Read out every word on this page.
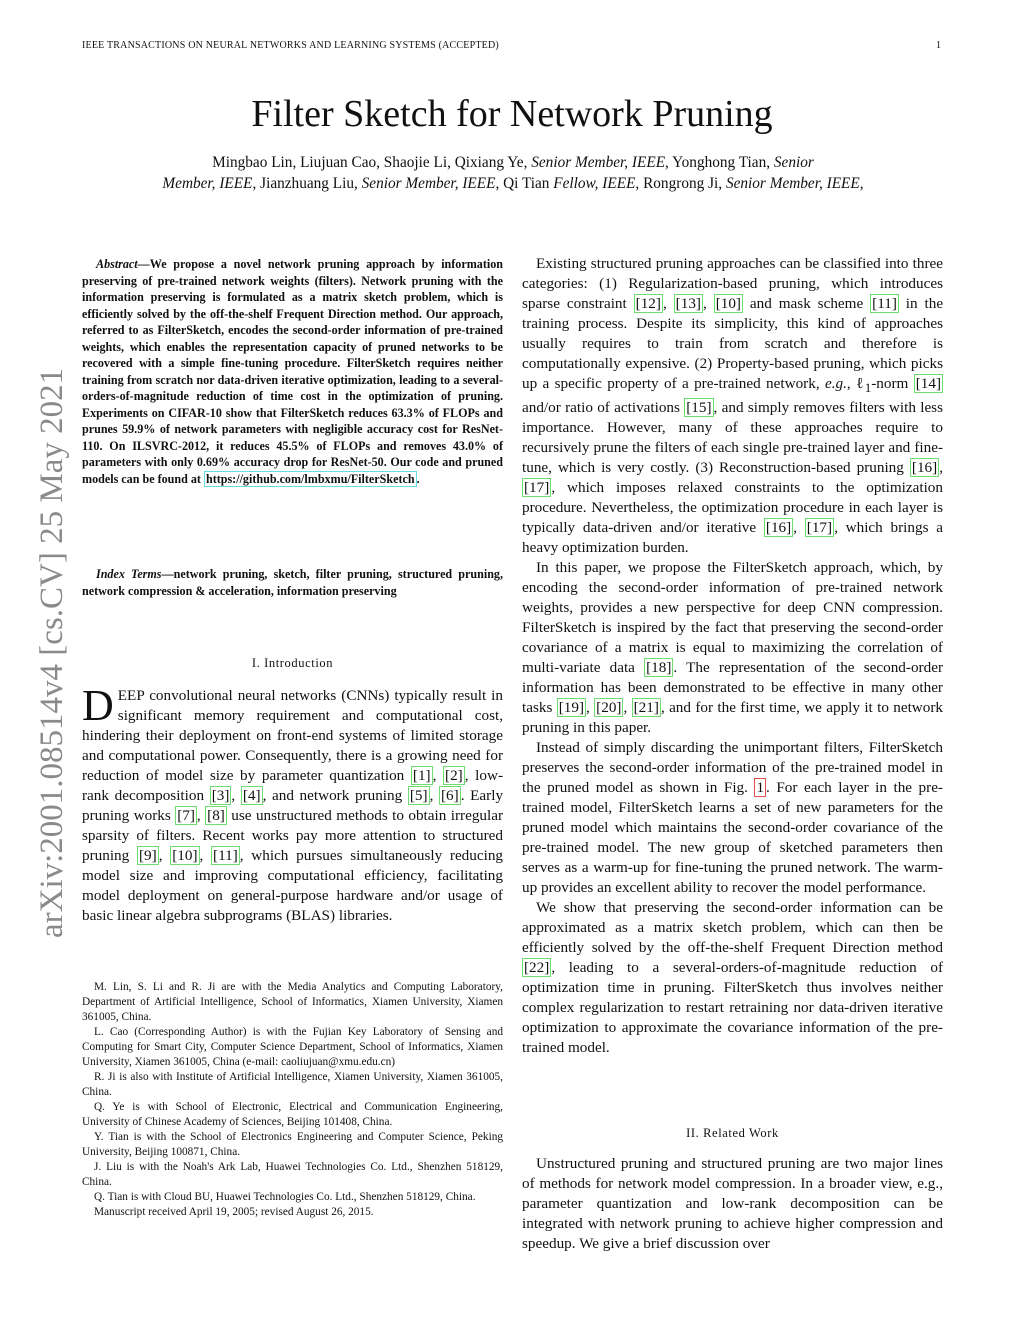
IEEE TRANSACTIONS ON NEURAL NETWORKS AND LEARNING SYSTEMS (ACCEPTED)	1
Filter Sketch for Network Pruning
Mingbao Lin, Liujuan Cao, Shaojie Li, Qixiang Ye, Senior Member, IEEE, Yonghong Tian, Senior
Member, IEEE, Jianzhuang Liu, Senior Member, IEEE, Qi Tian Fellow, IEEE, Rongrong Ji, Senior Member, IEEE,
arXiv:2001.08514v4 [cs.CV] 25 May 2021
Abstract—We propose a novel network pruning approach by information preserving of pre-trained network weights (filters). Network pruning with the information preserving is formulated as a matrix sketch problem, which is efficiently solved by the off-the-shelf Frequent Direction method. Our approach, referred to as FilterSketch, encodes the second-order information of pre-trained weights, which enables the representation capacity of pruned networks to be recovered with a simple fine-tuning procedure. FilterSketch requires neither training from scratch nor data-driven iterative optimization, leading to a several-orders-of-magnitude reduction of time cost in the optimization of pruning. Experiments on CIFAR-10 show that FilterSketch reduces 63.3% of FLOPs and prunes 59.9% of network parameters with negligible accuracy cost for ResNet-110. On ILSVRC-2012, it reduces 45.5% of FLOPs and removes 43.0% of parameters with only 0.69% accuracy drop for ResNet-50. Our code and pruned models can be found at https://github.com/lmbxmu/FilterSketch .
Index Terms—network pruning, sketch, filter pruning, structured pruning, network compression & acceleration, information preserving
I. Introduction
DEEP convolutional neural networks (CNNs) typically result in significant memory requirement and computational cost, hindering their deployment on front-end systems of limited storage and computational power. Consequently, there is a growing need for reduction of model size by parameter quantization [1] , [2] , low-rank decomposition [3] , [4] , and network pruning [5] , [6] . Early pruning works [7] , [8] use unstructured methods to obtain irregular sparsity of filters. Recent works pay more attention to structured pruning [9] , [10] , [11] , which pursues simultaneously reducing model size and improving computational efficiency, facilitating model deployment on general-purpose hardware and/or usage of basic linear algebra subprograms (BLAS) libraries.

M. Lin, S. Li and R. Ji are with the Media Analytics and Computing Laboratory, Department of Artificial Intelligence, School of Informatics, Xiamen University, Xiamen 361005, China.

L. Cao (Corresponding Author) is with the Fujian Key Laboratory of Sensing and Computing for Smart City, Computer Science Department, School of Informatics, Xiamen University, Xiamen 361005, China (e-mail: caoliujuan@xmu.edu.cn)

R. Ji is also with Institute of Artificial Intelligence, Xiamen University, Xiamen 361005, China.

Q. Ye is with School of Electronic, Electrical and Communication Engineering, University of Chinese Academy of Sciences, Beijing 101408, China.

Y. Tian is with the School of Electronics Engineering and Computer Science, Peking University, Beijing 100871, China.

J. Liu is with the Noah's Ark Lab, Huawei Technologies Co. Ltd., Shenzhen 518129, China.

Q. Tian is with Cloud BU, Huawei Technologies Co. Ltd., Shenzhen 518129, China.

Manuscript received April 19, 2005; revised August 26, 2015.

Existing structured pruning approaches can be classified into three categories: (1) Regularization-based pruning, which introduces sparse constraint [12] , [13] , [10] and mask scheme [11] in the training process. Despite its simplicity, this kind of approaches usually requires to train from scratch and therefore is computationally expensive. (2) Property-based pruning, which picks up a specific property of a pre-trained network, e.g., ℓ$_1$-norm [14] and/or ratio of activations [15] , and simply removes filters with less importance. However, many of these approaches require to recursively prune the filters of each single pre-trained layer and fine-tune, which is very costly. (3) Reconstruction-based pruning [16] , [17] , which imposes relaxed constraints to the optimization procedure. Nevertheless, the optimization procedure in each layer is typically data-driven and/or iterative [16] , [17] , which brings a heavy optimization burden.

In this paper, we propose the FilterSketch approach, which, by encoding the second-order information of pre-trained network weights, provides a new perspective for deep CNN compression. FilterSketch is inspired by the fact that preserving the second-order covariance of a matrix is equal to maximizing the correlation of multi-variate data [18] . The representation of the second-order information has been demonstrated to be effective in many other tasks [19] , [20] , [21] , and for the first time, we apply it to network pruning in this paper.

Instead of simply discarding the unimportant filters, FilterSketch preserves the second-order information of the pre-trained model in the pruned model as shown in Fig. 1 . For each layer in the pre-trained model, FilterSketch learns a set of new parameters for the pruned model which maintains the second-order covariance of the pre-trained model. The new group of sketched parameters then serves as a warm-up for fine-tuning the pruned network. The warm-up provides an excellent ability to recover the model performance.

We show that preserving the second-order information can be approximated as a matrix sketch problem, which can then be efficiently solved by the off-the-shelf Frequent Direction method [22] , leading to a several-orders-of-magnitude reduction of optimization time in pruning. FilterSketch thus involves neither complex regularization to restart retraining nor data-driven iterative optimization to approximate the covariance information of the pre-trained model.

II. Related Work

Unstructured pruning and structured pruning are two major lines of methods for network model compression. In a broader view, e.g., parameter quantization and low-rank decomposition can be integrated with network pruning to achieve higher compression and speedup. We give a brief discussion over
